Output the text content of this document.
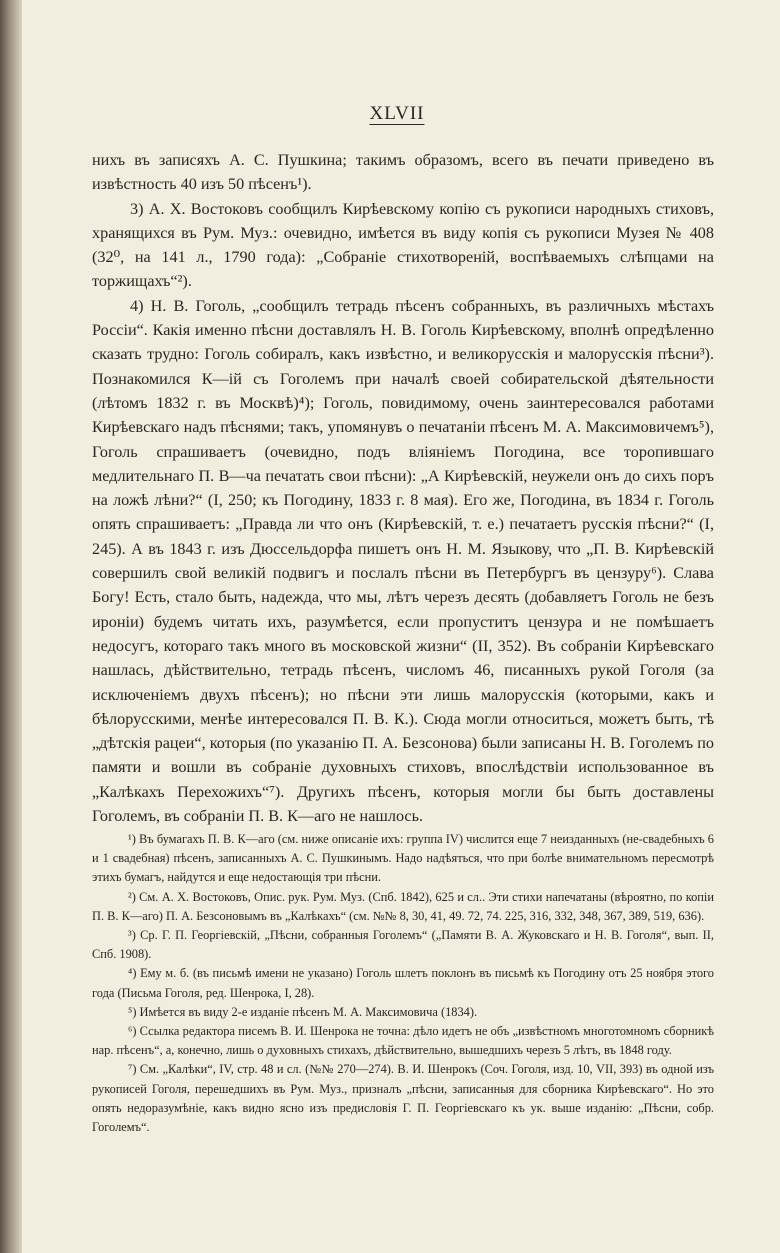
XLVII

нихъ въ записяхъ А. С. Пушкина; такимъ образомъ, всего въ печати приведено въ извѣстность 40 изъ 50 пѣсенъ¹).

3) А. Х. Востоковъ сообщилъ Кирѣевскому копію съ рукописи народныхъ стиховъ, хранящихся въ Рум. Муз.: очевидно, имѣется въ виду копія съ рукописи Музея № 408 (32⁰, на 141 л., 1790 года): „Собраніе стихотвореній, воспѣваемыхъ слѣпцами на торжищахъ“²).

4) Н. В. Гоголь, „сообщилъ тетрадь пѣсенъ собранныхъ, въ различныхъ мѣстахъ Россіи“. Какія именно пѣсни доставлялъ Н. В. Гоголь Кирѣевскому, вполнѣ опредѣленно сказать трудно: Гоголь собиралъ, какъ извѣстно, и великорусскія и малорусскія пѣсни³). Познакомился К—ій съ Гоголемъ при началѣ своей собирательской дѣятельности (лѣтомъ 1832 г. въ Москвѣ)⁴); Гоголь, повидимому, очень заинтересовался работами Кирѣевскаго надъ пѣснями; такъ, упомянувъ о печатаніи пѣсенъ М. А. Максимовичемъ⁵), Гоголь спрашиваетъ (очевидно, подъ вліяніемъ Погодина, все торопившаго медлительнаго П. В—ча печатать свои пѣсни): „А Кирѣевскій, неужели онъ до сихъ поръ на ложѣ лѣни?“ (I, 250; къ Погодину, 1833 г. 8 мая). Его же, Погодина, въ 1834 г. Гоголь опять спрашиваетъ: „Правда ли что онъ (Кирѣевскій, т. е.) печатаетъ русскія пѣсни?“ (I, 245). А въ 1843 г. изъ Дюссельдорфа пишетъ онъ Н. М. Языкову, что „П. В. Кирѣевскій совершилъ свой великій подвигъ и послалъ пѣсни въ Петербургъ въ цензуру⁶). Слава Богу! Есть, стало быть, надежда, что мы, лѣтъ черезъ десять (добавляетъ Гоголь не безъ ироніи) будемъ читать ихъ, разумѣется, если пропуститъ цензура и не помѣшаетъ недосугъ, котораго такъ много въ московской жизни“ (II, 352). Въ собраніи Кирѣевскаго нашлась, дѣйствительно, тетрадь пѣсенъ, числомъ 46, писанныхъ рукой Гоголя (за исключеніемъ двухъ пѣсенъ); но пѣсни эти лишь малорусскія (которыми, какъ и бѣлорусскими, менѣе интересовался П. В. К.). Сюда могли относиться, можетъ быть, тѣ „дѣтскія рацеи“, которыя (по указанію П. А. Безсонова) были записаны Н. В. Гоголемъ по памяти и вошли въ собраніе духовныхъ стиховъ, впослѣдствіи использованное въ „Калѣкахъ Перехожихъ“⁷). Другихъ пѣсенъ, которыя могли бы быть доставлены Гоголемъ, въ собраніи П. В. К—аго не нашлось.

¹) Въ бумагахъ П. В. К—аго (см. ниже описаніе ихъ: группа IV) числится еще 7 неизданныхъ (не-свадебныхъ 6 и 1 свадебная) пѣсенъ, записанныхъ А. С. Пушкинымъ. Надо надѣяться, что при болѣе внимательномъ пересмотрѣ этихъ бумагъ, найдутся и еще недостающія три пѣсни.

²) См. А. Х. Востоковъ, Опис. рук. Рум. Муз. (Спб. 1842), 625 и сл.. Эти стихи напечатаны (вѣроятно, по копіи П. В. К—аго) П. А. Безсоновымъ въ „Калѣкахъ“ (см. №№ 8, 30, 41, 49. 72, 74. 225, 316, 332, 348, 367, 389, 519, 636).

³) Ср. Г. П. Георгіевскій, „Пѣсни, собранныя Гоголемъ“ („Памяти В. А. Жуковскаго и Н. В. Гоголя“, вып. II, Спб. 1908).

⁴) Ему м. б. (въ письмѣ имени не указано) Гоголь шлетъ поклонъ въ письмѣ къ Погодину отъ 25 ноября этого года (Письма Гоголя, ред. Шенрока, I, 28).

⁵) Имѣется въ виду 2-е изданіе пѣсенъ М. А. Максимовича (1834).

⁶) Ссылка редактора писемъ В. И. Шенрока не точна: дѣло идетъ не объ „извѣстномъ многотомномъ сборникѣ нар. пѣсенъ“, а, конечно, лишь о духовныхъ стихахъ, дѣйствительно, вышедшихъ черезъ 5 лѣтъ, въ 1848 году.

⁷) См. „Калѣки“, IV, стр. 48 и сл. (№№ 270—274). В. И. Шенрокъ (Соч. Гоголя, изд. 10, VII, 393) въ одной изъ рукописей Гоголя, перешедшихъ въ Рум. Муз., призналъ „пѣсни, записанныя для сборника Кирѣевскаго“. Но это опять недоразумѣніе, какъ видно ясно изъ предисловія Г. П. Георгіевскаго къ ук. выше изданію: „Пѣсни, собр. Гоголемъ“.
